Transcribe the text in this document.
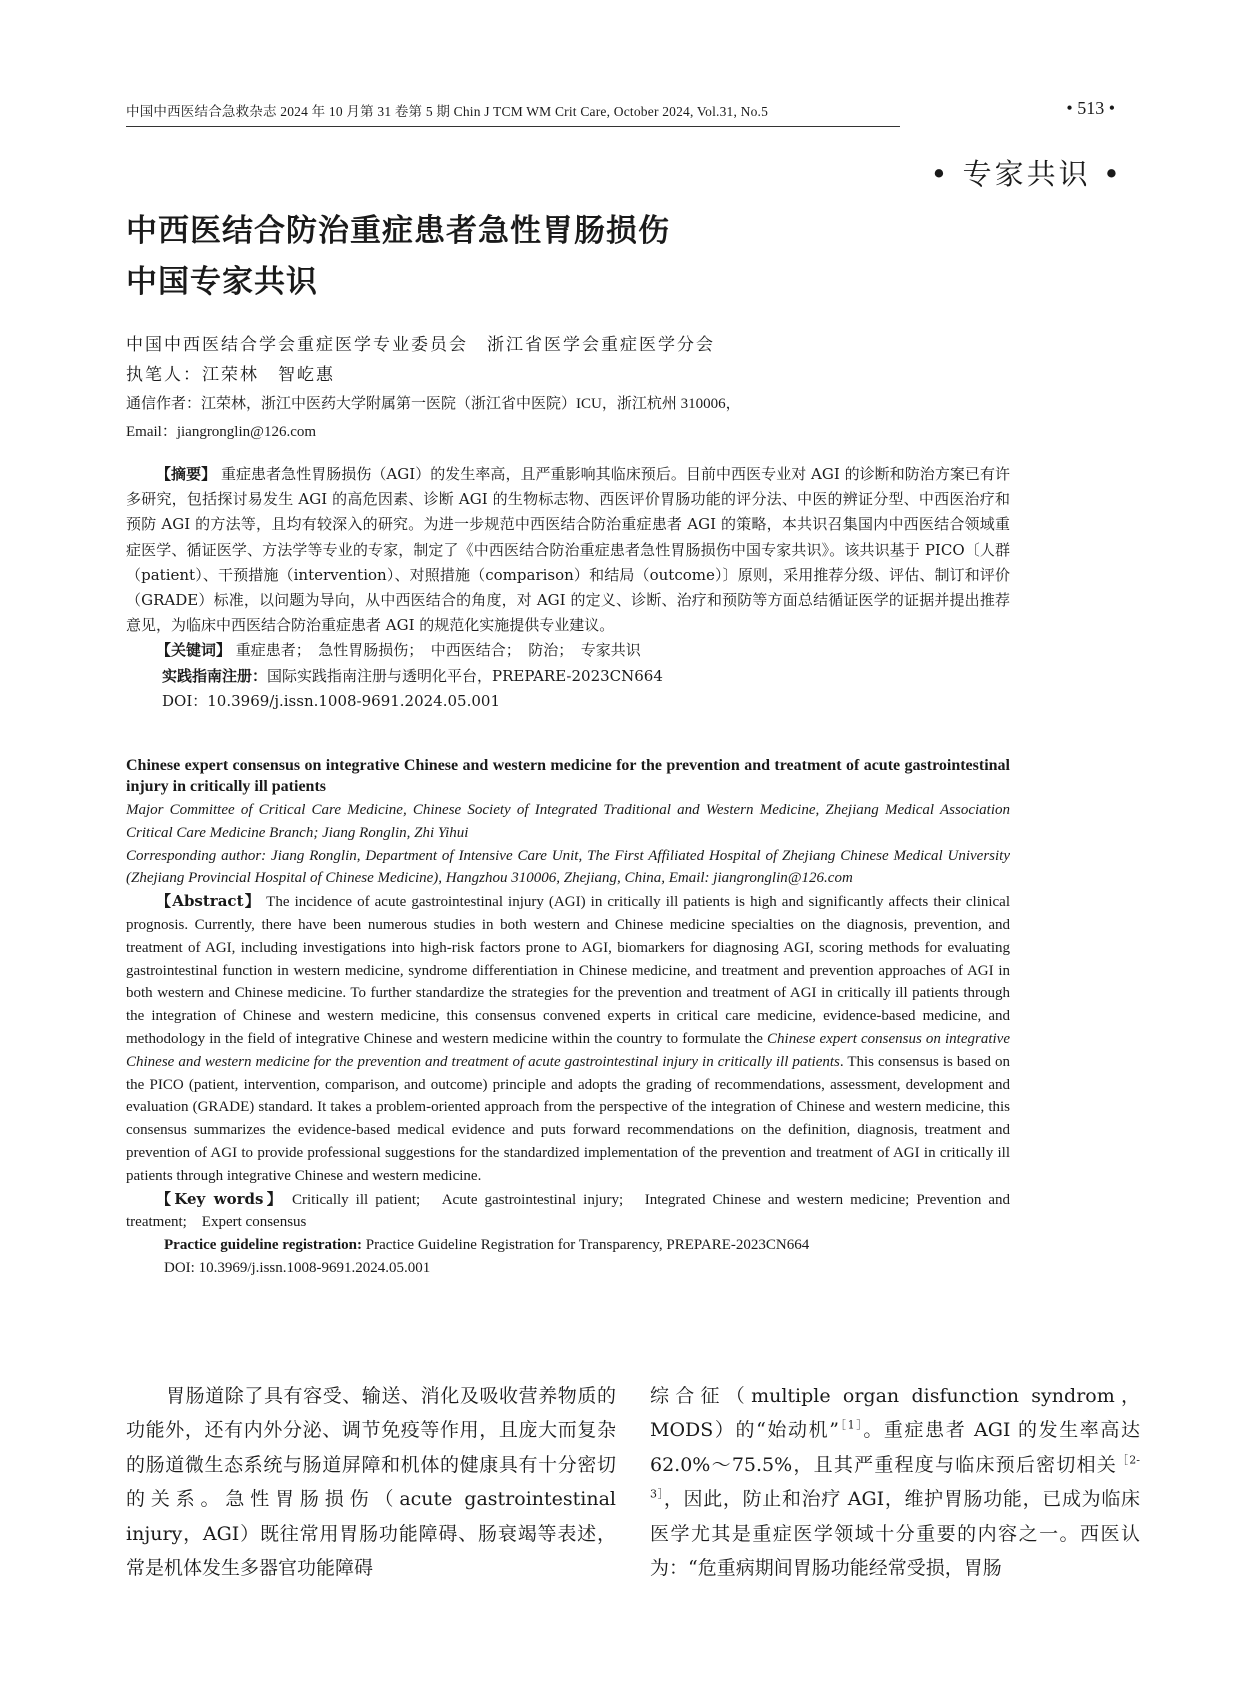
中国中西医结合急救杂志 2024 年 10 月第 31 卷第 5 期 Chin J TCM WM Crit Care, October 2024, Vol.31, No.5	• 513 •
• 专家共识 •
中西医结合防治重症患者急性胃肠损伤
中国专家共识
中国中西医结合学会重症医学专业委员会　浙江省医学会重症医学分会
执笔人：江荣林　智屹惠
通信作者：江荣林，浙江中医药大学附属第一医院（浙江省中医院）ICU，浙江杭州 310006，
Email：jiangronglin@126.com

【摘要】 重症患者急性胃肠损伤（AGI）的发生率高，且严重影响其临床预后。目前中西医专业对 AGI 的诊断和防治方案已有许多研究，包括探讨易发生 AGI 的高危因素、诊断 AGI 的生物标志物、西医评价胃肠功能的评分法、中医的辨证分型、中西医治疗和预防 AGI 的方法等，且均有较深入的研究。为进一步规范中西医结合防治重症患者 AGI 的策略，本共识召集国内中西医结合领域重症医学、循证医学、方法学等专业的专家，制定了《中西医结合防治重症患者急性胃肠损伤中国专家共识》。该共识基于 PICO〔人群（patient）、干预措施（intervention）、对照措施（comparison）和结局（outcome）〕原则，采用推荐分级、评估、制订和评价（GRADE）标准，以问题为导向，从中西医结合的角度，对 AGI 的定义、诊断、治疗和预防等方面总结循证医学的证据并提出推荐意见，为临床中西医结合防治重症患者 AGI 的规范化实施提供专业建议。

【关键词】 重症患者；　急性胃肠损伤；　中西医结合；　防治；　专家共识

实践指南注册：国际实践指南注册与透明化平台，PREPARE-2023CN664
DOI：10.3969/j.issn.1008-9691.2024.05.001

Chinese expert consensus on integrative Chinese and western medicine for the prevention and treatment of acute gastrointestinal injury in critically ill patients

Major Committee of Critical Care Medicine, Chinese Society of Integrated Traditional and Western Medicine, Zhejiang Medical Association Critical Care Medicine Branch; Jiang Ronglin, Zhi Yihui

Corresponding author: Jiang Ronglin, Department of Intensive Care Unit, The First Affiliated Hospital of Zhejiang Chinese Medical University (Zhejiang Provincial Hospital of Chinese Medicine), Hangzhou 310006, Zhejiang, China, Email: jiangronglin@126.com

【Abstract】 The incidence of acute gastrointestinal injury (AGI) in critically ill patients is high and significantly affects their clinical prognosis. Currently, there have been numerous studies in both western and Chinese medicine specialties on the diagnosis, prevention, and treatment of AGI, including investigations into high-risk factors prone to AGI, biomarkers for diagnosing AGI, scoring methods for evaluating gastrointestinal function in western medicine, syndrome differentiation in Chinese medicine, and treatment and prevention approaches of AGI in both western and Chinese medicine. To further standardize the strategies for the prevention and treatment of AGI in critically ill patients through the integration of Chinese and western medicine, this consensus convened experts in critical care medicine, evidence-based medicine, and methodology in the field of integrative Chinese and western medicine within the country to formulate the Chinese expert consensus on integrative Chinese and western medicine for the prevention and treatment of acute gastrointestinal injury in critically ill patients. This consensus is based on the PICO (patient, intervention, comparison, and outcome) principle and adopts the grading of recommendations, assessment, development and evaluation (GRADE) standard. It takes a problem-oriented approach from the perspective of the integration of Chinese and western medicine, this consensus summarizes the evidence-based medical evidence and puts forward recommendations on the definition, diagnosis, treatment and prevention of AGI to provide professional suggestions for the standardized implementation of the prevention and treatment of AGI in critically ill patients through integrative Chinese and western medicine.

【Key words】 Critically ill patient;　Acute gastrointestinal injury;　Integrated Chinese and western medicine; Prevention and treatment;　Expert consensus

Practice guideline registration: Practice Guideline Registration for Transparency, PREPARE-2023CN664

DOI: 10.3969/j.issn.1008-9691.2024.05.001

胃肠道除了具有容受、输送、消化及吸收营养物质的功能外，还有内外分泌、调节免疫等作用，且庞大而复杂的肠道微生态系统与肠道屏障和机体的健康具有十分密切的关系。急性胃肠损伤（acute gastrointestinal injury，AGI）既往常用胃肠功能障碍、肠衰竭等表述，常是机体发生多器官功能障碍

综合征（multiple organ disfunction syndrom，MODS）的“始动机”$^{[1]}$。重症患者 AGI 的发生率高达 62.0%～75.5%，且其严重程度与临床预后密切相关$^{[2-3]}$，因此，防止和治疗 AGI，维护胃肠功能，已成为临床医学尤其是重症医学领域十分重要的内容之一。西医认为：“危重病期间胃肠功能经常受损，胃肠
